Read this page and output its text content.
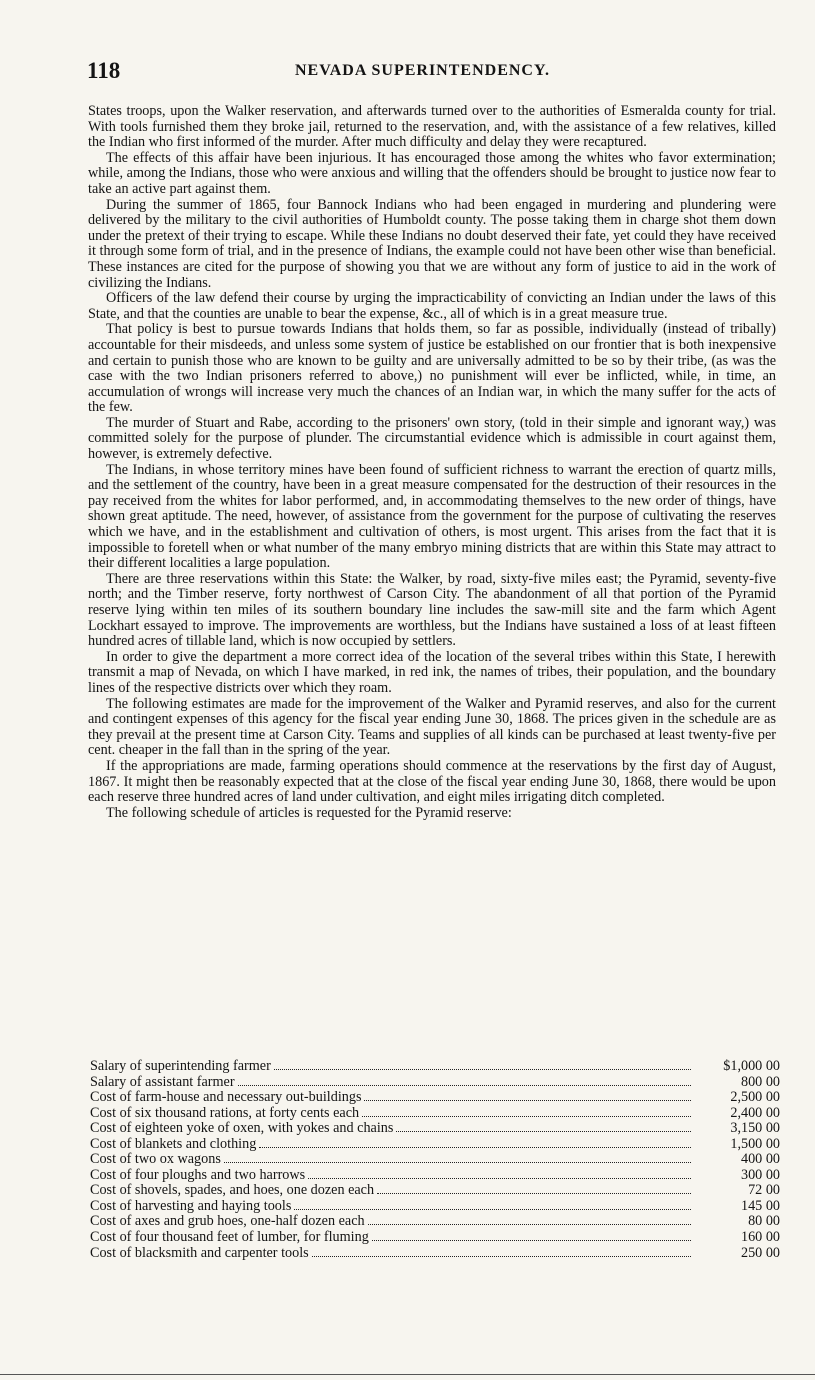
118	NEVADA SUPERINTENDENCY.

States troops, upon the Walker reservation, and afterwards turned over to the authorities of Esmeralda county for trial. With tools furnished them they broke jail, returned to the reservation, and, with the assistance of a few relatives, killed the Indian who first informed of the murder. After much difficulty and delay they were recaptured.

The effects of this affair have been injurious. It has encouraged those among the whites who favor extermination; while, among the Indians, those who were anxious and willing that the offenders should be brought to justice now fear to take an active part against them.

During the summer of 1865, four Bannock Indians who had been engaged in murdering and plundering were delivered by the military to the civil authorities of Humboldt county. The posse taking them in charge shot them down under the pretext of their trying to escape. While these Indians no doubt deserved their fate, yet could they have received it through some form of trial, and in the presence of Indians, the example could not have been other wise than beneficial. These instances are cited for the purpose of showing you that we are without any form of justice to aid in the work of civilizing the Indians.

Officers of the law defend their course by urging the impracticability of convicting an Indian under the laws of this State, and that the counties are unable to bear the expense, &c., all of which is in a great measure true.

That policy is best to pursue towards Indians that holds them, so far as possible, individually (instead of tribally) accountable for their misdeeds, and unless some system of justice be established on our frontier that is both inexpensive and certain to punish those who are known to be guilty and are universally admitted to be so by their tribe, (as was the case with the two Indian prisoners referred to above,) no punishment will ever be inflicted, while, in time, an accumulation of wrongs will increase very much the chances of an Indian war, in which the many suffer for the acts of the few.

The murder of Stuart and Rabe, according to the prisoners' own story, (told in their simple and ignorant way,) was committed solely for the purpose of plunder. The circumstantial evidence which is admissible in court against them, however, is extremely defective.

The Indians, in whose territory mines have been found of sufficient richness to warrant the erection of quartz mills, and the settlement of the country, have been in a great measure compensated for the destruction of their resources in the pay received from the whites for labor performed, and, in accommodating themselves to the new order of things, have shown great aptitude. The need, however, of assistance from the government for the purpose of cultivating the reserves which we have, and in the establishment and cultivation of others, is most urgent. This arises from the fact that it is impossible to foretell when or what number of the many embryo mining districts that are within this State may attract to their different localities a large population.

There are three reservations within this State: the Walker, by road, sixty-five miles east; the Pyramid, seventy-five north; and the Timber reserve, forty northwest of Carson City. The abandonment of all that portion of the Pyramid reserve lying within ten miles of its southern boundary line includes the saw-mill site and the farm which Agent Lockhart essayed to improve. The improvements are worthless, but the Indians have sustained a loss of at least fifteen hundred acres of tillable land, which is now occupied by settlers.

In order to give the department a more correct idea of the location of the several tribes within this State, I herewith transmit a map of Nevada, on which I have marked, in red ink, the names of tribes, their population, and the boundary lines of the respective districts over which they roam.

The following estimates are made for the improvement of the Walker and Pyramid reserves, and also for the current and contingent expenses of this agency for the fiscal year ending June 30, 1868. The prices given in the schedule are as they prevail at the present time at Carson City. Teams and supplies of all kinds can be purchased at least twenty-five per cent. cheaper in the fall than in the spring of the year.

If the appropriations are made, farming operations should commence at the reservations by the first day of August, 1867. It might then be reasonably expected that at the close of the fiscal year ending June 30, 1868, there would be upon each reserve three hundred acres of land under cultivation, and eight miles irrigating ditch completed.

The following schedule of articles is requested for the Pyramid reserve:

Salary of superintending farmer	$1,000 00
Salary of assistant farmer	800 00
Cost of farm-house and necessary out-buildings	2,500 00
Cost of six thousand rations, at forty cents each	2,400 00
Cost of eighteen yoke of oxen, with yokes and chains	3,150 00
Cost of blankets and clothing	1,500 00
Cost of two ox wagons	400 00
Cost of four ploughs and two harrows	300 00
Cost of shovels, spades, and hoes, one dozen each	72 00
Cost of harvesting and haying tools	145 00
Cost of axes and grub hoes, one-half dozen each	80 00
Cost of four thousand feet of lumber, for fluming	160 00
Cost of blacksmith and carpenter tools	250 00
